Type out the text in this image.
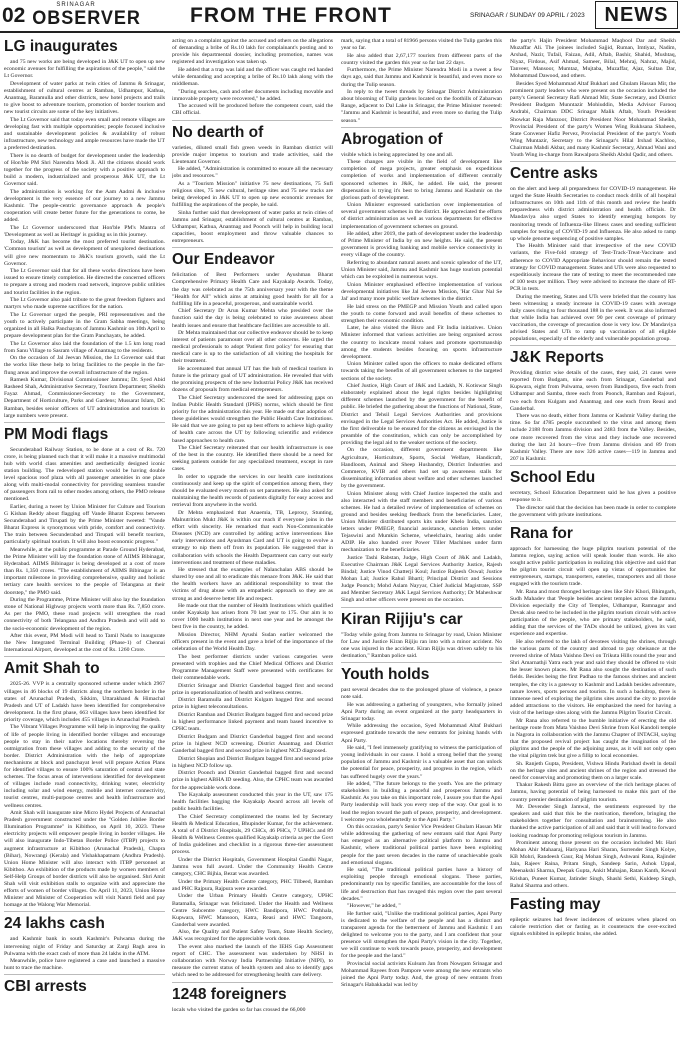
02	SRINAGAR
OBSERVER FROM THE FRONT	SRINAGAR / SUNDAY 09 APRIL / 2023 NEWS
LG inaugurates

and 75 new works are being developed in J&K UT to open up new economic avenues for fulfilling the aspirations of the people," said the Lt Governor.

Development of water parks at twin cities of Jammu & Srinagar, establishment of cultural centres at Ramban, Udhampur, Kathua, Anantnag, Baramulla and other districts, new hotel projects and trails to give boost to adventure tourism, promotion of border tourism and new tourist circuits are some of the key initiatives.

The Lt Governor said that today even small and remote villages are developing fast with multiple opportunities; people focused inclusive and sustainable development policies & availability of robust infrastructure, new technology and ample resources have made the UT a preferred destination.

There is no dearth of budget for development under the leadership of Hon'ble PM Shri Narendra Modi Ji. All the citizens should work together for the progress of the society with a positive approach to build a modern, industrialized and prosperous J&K UT, the Lt Governor said.

The administration is working for the Aam Aadmi & inclusive development is the very essence of our journey to a new Jammu Kashmir. The people-centric governance approach & people's cooperation will create better future for the generations to come, he added.

The Lt Governor underscored that Hon'ble PM's Mantra of 'Development as well as Heritage' is guiding us in this journey.

Today, J&K has become the most preferred tourist destination. 'Common tourism' as well as development of unexplored destinations will give new momentum to J&K's tourism growth, said the Lt Governor.

The Lt Governor said that for all these works directions have been issued to ensure timely completion. He directed the concerned officers to prepare a strong and modern road network, improve public utilities and tourist facilities in the region.

The Lt Governor also paid tribute to the great freedom fighters and martyrs who made supreme sacrifices for the nation.

The Lt Governor urged the people, PRI representatives and the youth to actively participate in the Gram Sabha meetings, being organized in all Halka Panchayats of Jammu Kashmir on 10th April to prepare development plan for the Gram Panchayats, he added.

The Lt Governor also laid the foundation of the 1.5 km long road from Sanu Village to Sasram village of Anantnag to the residents.

On the occasion of Jal Jeevan Mission, the Lt Governor said that the works like these help to bring facilities to the people in the far-flung areas and improve the overall infrastructure of the region.

Ramesh Kumar, Divisional Commissioner Jammu; Dr. Syed Abid Rasheed Shah, Administrative Secretary, Tourism Department; Sheikh Fayaz Ahmad, Commissioner-Secretary to the Government, Department of Horticulture, Parks and Gardens; Mussarat Islam, DC Ramban, besides senior officers of UT administration and tourists in large numbers were present.

PM Modi flags

Secunderabad Railway Station, to be done at a cost of Rs. 720 crore, is being planned such that it will make it a massive multimodal hub with world class amenities and aesthetically designed iconic station building. The redeveloped station would be having double level spacious roof plaza with all passenger amenities in one place along with multi-modal connectivity for providing seamless transfer of passengers from rail to other modes among others, the PMO release mentioned.

Earlier, during a tweet by Union Minister for Culture and Tourism G Kishan Reddy about flagging off Vande Bharat Express between Secunderabad and Tirupati by the Prime Minister tweeted: "Vande Bharat Express is synonymous with pride, comfort and connectivity. The train between Secunderabad and Tirupati will benefit tourism, particularly spiritual tourism. It will also boost economic progress."

Meanwhile, at the public programme at Parade Ground Hyderabad, the Prime Minister will lay the foundation stone of AIIMS Bibinagar, Hyderabad. AIIMS Bibinagar is being developed at a cost of more than Rs. 1,350 crores. "The establishment of AIIMS Bibinagar is an important milestone in providing comprehensive, quality and holistic tertiary care health services to the people of Telangana at their doorstep," the PMO said.

During the Programme, Prime Minister will also lay the foundation stone of National Highway projects worth more than Rs. 7,850 crore. As per the PMO, these road projects will strengthen the road connectivity of both Telangana and Andhra Pradesh and will add to the socio-economic development of the region.

After this event, PM Modi will head to Tamil Nadu to inaugurate the New Integrated Terminal Building (Phase-1) of Chennai International Airport, developed at the cost of Rs. 1260 Crore.

Amit Shah to

2025-26. VVP is a centrally sponsored scheme under which 2967 villages in 46 blocks of 19 districts along the northern border in the states of Arunachal Pradesh, Sikkim, Uttarakhand & Himachal Pradesh and UT of Ladakh have been identified for comprehensive development. In the first phase, 663 villages have been identified for priority coverage, which includes 455 villages in Arunachal Pradesh.

The Vibrant Villages Programme will help in improving the quality of life of people living in identified border villages and encourage people to stay in their native locations thereby reversing the outmigration from these villages and adding to the security of the border. District Administration with the help of appropriate mechanisms at block and panchayat level will prepare Action Plans for identified villages to ensure 100% saturation of central and state schemes. The focus areas of interventions identified for development of villages include road connectivity, drinking water, electricity including solar and wind energy, mobile and internet connectivity, tourist centres, multi-purpose centres and health infrastructure and wellness centres.

Amit Shah will inaugurate nine Micro Hydel Projects of Arunachal Pradesh government constructed under the "Golden Jubilee Border Illumination Programme" in Kibithoo, on April 10, 2023. These electricity projects will empower people living in border villages. He will also inaugurate Indo-Tibetan Border Police (ITBP) projects to augment infrastructure at Kibithoo (Arunachal Pradesh), Chapra (Bihar), Nowrangi (Kerala) and Vishakhapatnam (Andhra Pradesh). Union Home Minister will also interact with ITBP personnel at Kibithoo. An exhibition of the products made by women members of Self-Help Groups of border districts will also be organised. Shri Amit Shah will visit exhibition stalls to organize with and appreciate the efforts of women of border villages. On April 11, 2023, Union Home Minister and Minister of Cooperation will visit Namti field and pay homage at the Walong War Memorial.

24 lakhs cash

and Kashmir bank in south Kashmir's Pulwama during the intervening night of Friday and Saturday at Zargi Bagh area in Pulwama with the exact cash of more than 24 lakhs in the ATM.

Meanwhile, police have registered a case and launched a massive hunt to trace the machine.

CBI arrests

acting on a complaint against the accused and others on the allegations of demanding a bribe of Rs.10 lakh for complainant's posting and to provide his departmental dossier, including promotion, names was registered and investigation was taken up.

He added that a trap was laid and the officer was caught red handed while demanding and accepting a bribe of Rs.10 lakh along with the middleman.

"During searches, cash and other documents including movable and immovable property were recovered," he added.

The accused will be produced before the competent court, said the CBI official.

No dearth of

varieties, diluted small fish green weeds in Ramban district will provide major impetus to tourism and trade activities, said the Lieutenant Governor.

He added, "Administration is committed to ensure all the necessary jobs and resources."

As a "Tourism Mission" initiative 75 new destinations, 75 Sufi religious sites, 75 new cultural, heritage sites and 75 new tracks are being developed in J&K UT to open up new economic avenues for fulfilling the aspirations of the people, he said.

Sinha further said that development of water parks at twin cities of Jammu and Srinagar, establishment of cultural centres at Ramban, Udhampur, Kathua, Anantnag and Poonch will help in building local capacities, boost employment and throw valuable chances to entrepreneurs.

Our Endeavor

felicitation of Best Performers under Ayushman Bharat Comprehensive Primary Health Care and Kayakalp Awards. Today, the day was celebrated as the 75th anniversary year with the theme "Health for All" which aims at attaining good health for all for a fulfilling life in a peaceful, prosperous, and sustainable world.

Chief Secretary Dr Arun Kumar Mehta who presided over the function said the day is being celebrated to raise awareness about health issues and ensure that healthcare facilities are accessible to all.

Dr Mehta maintained that our collective endeavor should be to keep interest of patients paramount over all other concerns. He urged the medical professionals to adopt 'Patient first policy' for ensuring that medical care is up to the satisfaction of all visiting the hospitals for their treatment.

He accentuated that annual UT has the hub of medical tourism in future is the primary goal of UT administration. He revealed that with the promising prospects of the new Industrial Policy J&K has received dozens of proposals from medical entrepreneurs.

The Chief Secretary underscored the need for addressing gaps on Indian Public Health Standard (IPHS) norms, which should be first priority for the administration this year. He made out that adoption of these guidelines would strengthen the Public Health Care Institutions. He said that we are going to put up best efforts to achieve high quality of health care across the UT by following scientific and evidence based approaches to health care.

The Chief Secretary reiterated that our health infrastructure is one of the best in the country. He identified there should be a need for seeking patients outside for any specialized treatment, except in rare cases.

In order to upgrade the services in our health care institutions continuously and keep up the spirit of competition among them, they should be evaluated every month on set parameters. He also asked for maintaining the health records of patients digitally for easy access and retrieval from anywhere in the world.

Dr Mehta emphasized that Anaemia, TB, Leprosy, Stunting, Malnutrition Mukt J&K is within our reach if everyone joins in the effort with sincerity. He remarked that each Non-Communicable Diseases (NCD) are controlled by adding active interventions like early interventions and Ayushman Card and UT is going to evolve a strategy to nip them off from its population. He suggested that in collaboration with schools the Health Department can carry out early interventions and treatment of these maladies.

He stressed that the examples of Nalanchalan ABS should be shared by one and all to eradicate this menace from J&K. He said that the health workers have an additional responsibility to treat the victims of drug abuse with an empathetic approach so they are as strong as and deserve better life and respect.

He made out that the number of Health Institutions which qualified under Kayakalp has arisen from 70 last year to 175. Our aim is to cover 1000 health institutions in next one year and be amongst the best five in the country, he added.

Mission Director, NHM Ayushi Sudan earlier welcomed the officers present in the event and gave a brief of the importance of the celebration of the World Health Day.

The best performer districts under various categories were presented with trophies and the Chief Medical Officers and District Programme Management Staff were presented with certificates for their commendable work.

District Srinagar and District Ganderbal bagged first and second prize in operationalization of health and wellness centres.

District Baramulla and District Kulgam bagged first and second prize in highest teleconsultations.

District Ramban and District Budgam bagged first and second prize in highest performance linked payment and team based incentive to CPHC team.

District Budgam and District Ganderbal bagged first and second prize in highest NCD screening. District Anantnag and District Ganderbal bagged first and second prize in highest NCD diagnosed.

District Shopian and District Budgam bagged first and second prize in highest NCD follow up.

District Poonch and District Ganderbal bagged first and second prize in highest ABHA ID seeding. Also, the CPHC team was awarded for the appreciable work done.

The Kayakalp assessment conducted this year in the UT, saw 175 health facilities bagging the Kayakalp Award across all levels of public health facilities.

The Chief Secretary complimented the teams led by Secretary Health & Medical Education, Bhupinder Kumar, for the achievement. A total of 4 District Hospitals, 29 CHCs, 46 PHCs, 7 UPHCs and 89 Health & Wellness Centres qualified Kayakalp criteria as per the Govt of India guidelines and checklist in a rigorous three-tier assessment process.

Under the District Hospitals, Government Hospital Gandhi Nagar, Jammu won full award. Under the Community Health Centre category, CHC Bijhia, Bezat was awarded.

Under the Primary Health Centre category, PHC Tilbeed, Ramban and PHC Rajpura, Rajpura were awarded.

Under the Urban Primary Health Centre category, UPHC Batamalla, Srinagar was felicitated. Under the Health and Wellness Centre Subcentre category, HWC Bandipora, HWC Pothhala, Kupwara, HWC Mansoon, Katra, Reasi and HWC Tangoom, Ganderbal were awarded.

Also, the Quality and Patient Safety Team, State Health Society, J&K was recognized for the appreciable work done.

The event also marked the launch of the IEHS Gap Assessment report of CHC. The assessment was undertaken by NHSI in collaboration with Norway India Partnership Initiative (NIPI), to measure the current status of health system and also to identify gaps which need to be addressed for strengthening health care delivery.

1248 foreigners

locals who visited the garden so far has crossed the 66,000

mark, saying that a total of 81966 persons visited the Tulip garden this year so far.

He also added that 2,67,177 tourists from different parts of the country visited the garden this year so far last 22 days.

Furthermore, the Prime Minister Narendra Modi in a tweet a few days ago, said that Jammu and Kashmir is beautiful, and even more so during the Tulip season.

In reply to the tweet threads by Srinagar District Administration about blooming of Tulip gardens located on the foothills of Zabarwan Range, adjacent to Dal Lake in Srinagar, the Prime Minister tweeted: "Jammu and Kashmir is beautiful, and even more so during the Tulip season."

Abrogation of

visible which is being appreciated by one and all.

These changes are visible in the field of development like completion of mega projects, greater emphasis on expeditious completion of works and implementation of different centrally sponsored schemes in J&K, he added. He said, the present dispensation is trying it's best to bring Jammu and Kashmir on the glorious path of development.

Union Minister expressed satisfaction over implementation of several government schemes in the district. He appreciated the efforts of district administration as well as various departments for effective implementation of government schemes on ground.

He added, after 2019, the path of development under the leadership of Prime Minister of India by on new heights. He said, the present government is providing banking and mobile service connectivity in every village of the country.

Referring to abundant natural assets and scenic splendor of the UT, Union Minister said, Jammu and Kashmir has huge tourism potential which can be exploited in numerous ways.

Union Minister emphasised effective implementation of various developmental initiatives like Jal Jeevan Mission, 'Har Ghar Nal Se Jal' and many more public welfare schemes in the district.

He laid stress on the PMEGP and Mission Youth and called upon the youth to come forward and avail benefits of these schemes to strengthen their economic condition.

Later, he also visited the Bisro and Fit India initiatives. Union Minister informed that various activities are being organised across the country to inculcate moral values and promote sportsmanship among the students besides focusing on sports infrastructure development.

Union Minister called upon the officers to make dedicated efforts towards taking the benefits of all government schemes to the targeted sections of the society.

Chief Justice, High Court of J&K and Ladakh, N. Kotiswar Singh elaborately explained about the legal rights besides highlighting different schemes launched by the government for the benefit of public. He briefed the gathering about the functions of National, State, District and Tehsil Legal Services Authorities and provisions envisaged in the Legal Services Authorities Act. He added, Justice is the first deliverable to be ensured for the citizens as envisaged in the preamble of the constitution, which can only be accomplished by providing the legal aid to the weaker sections of the society.

On the occasion, different government departments like Agriculture, Horticulture, Sports, Social Welfare, Handicraft, Handloom, Animal and Sheep Husbandry, District Industries and Commerce, KVIB and others had set up awareness stalls for disseminating information about welfare and other schemes launched by the government.

Union Minister along with Chief Justice inspected the stalls and also interacted with the staff members and beneficiaries of various schemes. He had a detailed review of implementation of schemes on ground and besides seeking feedback from the beneficiaries. Later, Union Minister distributed sports kits under Khelo India, sanction letters under PMEGP, financial assistance, sanction letters under Tejaswini and Mumkin Scheme, wheelchairs, hearing aids under ADIP. He also handed over Power Tiller Machines under farm mechanization to the beneficiaries.

Justice Tashi Rabstan, Judge, High Court of J&K and Ladakh, Executive Chairman J&K Legal Services Authority Justice, Rajesh Bindal; Justice Vinod Chatterji Koul; Justice Rajnesh Oswal; Justice Mohan Lal; Justice Rahul Bharti; Principal District and Sessions Judge Poonch; Mohd Aslam Nayyar, Chief Judicial Magistrate, SSP and Member Secretary J&K Legal Services Authority; Dr Maheshwar Singh and other officers were present on the occasion.

Kiran Rijiju's car

"Today while going from Jammu to Srinagar by road, Union Minister for Law and Justice Kiran Rijiju ran into with a minor accident. No one was injured in the accident. Kiran Rijiju was driven safely to his destination," Ramban police said.

Youth holds

past several decades due to the prolonged phase of violence, a peace note said.

He was addressing a gathering of youngsters, who formally joined Apni Party during an event organized at the party headquarters in Srinagar today.

While addressing the occasion, Syed Mohammad Altaf Bukhari expressed gratitude towards the new entrants for joining hands with Apni Party.

He said, "I feel immensely gratifying to witness the participation of young individuals in our cause. I hold a strong belief that the young population of Jammu and Kashmir is a valuable asset that can unlock the potential for peace, prosperity, and progress in the region, which has suffered hugely over the years."

He added, "The future belongs to the youth. You are the primary stakeholders in building a peaceful and prosperous Jammu and Kashmir. As you take on this important role, I assure you that the Apni Party leadership will back you every step of the way. Our goal is to lead the region toward the path of peace, prosperity, and development. I welcome you wholeheartedly to the Apni Party."

On this occasion, party's Senior Vice President Ghulam Hassan Mir while addressing the gathering of new entrants said that Apni Party has emerged as an alternative political platform to Jammu and Kashmir, where traditional political parties have been exploiting people for the past seven decades in the name of unachievable goals and emotional slogans.

He said, "The traditional political parties have a history of exploiting people through emotional slogans. These parties, predominantly run by specific families, are accountable for the loss of life and destruction that has ravaged this region over the past several decades."

"However," he added, "

He further said, "Unlike the traditional political parties, Apni Party is dedicated to the welfare of the people and has a distinct and transparent agenda for the betterment of Jammu and Kashmir. I am delighted to welcome you to the party, and I am confident that your presence will strengthen the Apni Party's vision in the city. Together, we will continue to work towards peace, prosperity, and development for the people and the land."

Provincial social activists Kulsum Jan from Nowgam Srinagar and Mohammad Rayees from Pampore were among the new entrants who joined the Apni Party today. And, the group of new entrants from Srinagar's Habakkadal was led by

the party's Hajin President Mohammad Maqbool Dar and Sheikh Muzaffar Ali. The joinees included Sajjid, Ruman, Imtiyaz, Nadim, Arshad, Nazir, Tufail, Faizan, Adil, Aftab, Bashir, Shahid, Mushtaq, Niyaz, Firdous, Asif Ahmad, Sameer, Bilal, Mehraj, Nahraz, Majid, Tanveer, Mansoor, Mumtaz, Mujtaba, Muzaffar, Ajaz, Sultan Dar, Mohammad Dawood, and others.

Besides Syed Mohammad Altaf Bukhari and Ghulam Hassan Mir, the prominent party leaders who were present on the occasion included the party's General Secretary Rafi Ahmad Mir, State Secretary, and District President Budgam Munntazir Mohiuddin, Media Advisor Farooq Andrabi, Chairman DDC Srinagar Malik Aftab, Youth President Showkat Raja Manzoor, District President Noor Mohammad Sheikh, Provincial President of the party's Women Wing Rukhsana Shaheen, State Convener Hafiz Pervez, Provincial President of the party's Youth Wing Muntazir, Secretary to the Srinagar's Hilal Irshad Kachloo, Chairman Mahdi Akbar, and many Kashmir Secretary, Ahmad Wani and Youth Wing in-charge from Rawalpora Sheikh Abdul Qadir, and others.

Centre asks

on the alert and keep all preparedness for COVID-19 management. He urged the State Health Secretaries to conduct mock drills of all hospital infrastructures on 10th and 11th of this month and review the health preparedness with district administration and health officials. Dr Mandaviya also urged States to identify emerging hotspots by monitoring trends of Influenza-like Illness cases and sending sufficient samples for testing of COVID-19 and Influenza. He also asked to ramp up whole genome sequencing of positive samples.

The Health Minister said that irrespective of the new COVID variants, the Five-fold strategy of Test-Track-Treat-Vaccinate and adherence to COVID Appropriate Behaviour should remain the tested strategy for COVID management. States and UTs were also requested to expeditiously increase the rate of testing to meet the recommended rate of 100 tests per million. They were advised to increase the share of RT-PCR in tests.

During the meeting, States and UTs were briefed that the country has been witnessing a steady increase in COVID-19 cases with average daily cases rising to four thousand 188 in the week. It was also informed that while India has achieved over 90 per cent coverage of primary vaccination, the coverage of precaution dose is very low. Dr Mandaviya advised States and UTs to ramp up vaccination of all eligible populations, especially of the elderly and vulnerable population group.

J&K Reports

Providing district wise details of the cases, they said, 21 cases were reported from Budgam, nine each from Srinagar, Ganderbal and Kupwara, eight from Pulwama, seven from Bandipora, five each from Udhampur and Samba, three each from Poonch, Ramban and Rajouri, two each from Kulgam and Anantnag and one each from Reasi and Ganderbal.

There was no death, either from Jammu or Kashmir Valley during the time. So far 4785 people succumbed to the virus and among them include 2188 from Jammu division and 2483 from the Valley. Besides, one more recovered from the virus and they include one recovered during the last 24 hours—five from Jammu division and 89 from Kashmir Valley. There are now 326 active cases—119 in Jammu and 207 in Kashmir.

School Edu

secretary, School Education Department said he has given a positive response to it.

The director said that the decision has been made in order to complete the government with private institutions.

Rana for

approach for harnessing the huge pilgrim tourism potential of the Jammu region, saying action will speak louder than words. He also sought active public participation in realizing this objective and said that the pilgrim tourist circuit will open up vistas of opportunities for entrepreneurs, startups, transporters, eateries, transporters and all those engaged with the tourism trade.

Mr. Rana and most thronged heritage sites like Shiv Khori, Bhimgarh, Sudh Mahadev that 'People besides ancient temples across the Jammu Division especially the City of Temples, Udhampur, Ramnagar and Devak also need to be included in the pilgrim tourism circuit with active participation of the people, who are primary stakeholders, he said, adding that the services of the TADs should be utilized, given its vast experience and expertise.

He also referred to the lakh of devotees visiting the shrines, through the various parts of the country and abroad to pay obeisance at the revered shrine of Mata Vaishno Devi on Trikuta Hills round the year and Shri Amarnathji Yatra each year and said they should be offered to visit the lesser known places. Mr Rana also sought the destination of such fields. Besides being the first Padhao to the famous shrines and ancient temples, the city is a gateway to Kashmir and Ladakh besides adventure, nature lovers, sports persons and tourists. In such a backdrop, there is immense need of exploring the pilgrims sites around the city to provide added attractions to the visitors. He emphasized the need for having a visit of the heritage sites along with the Jammu Pilgrim Tourist Circuit.

Mr Rana also referred to the humble initiative of erecting the old heritage route from Mata Vaishno Devi Shrine from Kol Kandoli temple in Nagrota in collaboration with the Jammu Chapter of INTACH, saying that the proposed revival project has caught the imagination of the pilgrims and the people of the adjoining areas, as it will not only open the vital pilgrim trek but give a fillip to local economies.

Sh. Ranjeth Gupta, President, Vishwa Hindu Parishad dwelt in detail on the heritage sites and ancient shrines of the region and stressed the need for conserving and promoting them on a larger scale.

Thakur Rakesh Bittu gave an overview of the rich heritage places of Jammu, having potential of being harnessed to make this part of the country premier destination of pilgrim tourism.

Mr. Devender Singh Jamwal, the sentiments expressed by the speakers and said that this be the motivation, therefore, bringing the stakeholders together for consultation and brainstorming. He also thanked the active participation of all and said that it will lead to forward looking roadmap for promoting religious tourism in Jammu.

Prominent among those present on the occasion included Mr. Hari Mohan Ahir Mahaaraj, Hariyana Hari Sharan, Surrender Singh Kolye, KB Mohri, Randeesh Gaur, Raj Mohan Singh, Ashwani Rana, Rajinder Jain, Rajeev Raina, Pritam Singh, Sandeep Sarin, Ashok Uppal, Meenakshi Sharma, Deepak Gupta, Ankit Mahajan, Ratan Kanth, Kewal Krishan, Puneet Kumar, Jatinder Singh, Shashi Sethi, Kuldeep Singh, Rahul Sharma and others.

Fasting may

epileptic seizures had fewer incidences of seizures when placed on calorie restriction diet or fasting as it counteracts the over-excited signals exhibited in epileptic brains, she added.
